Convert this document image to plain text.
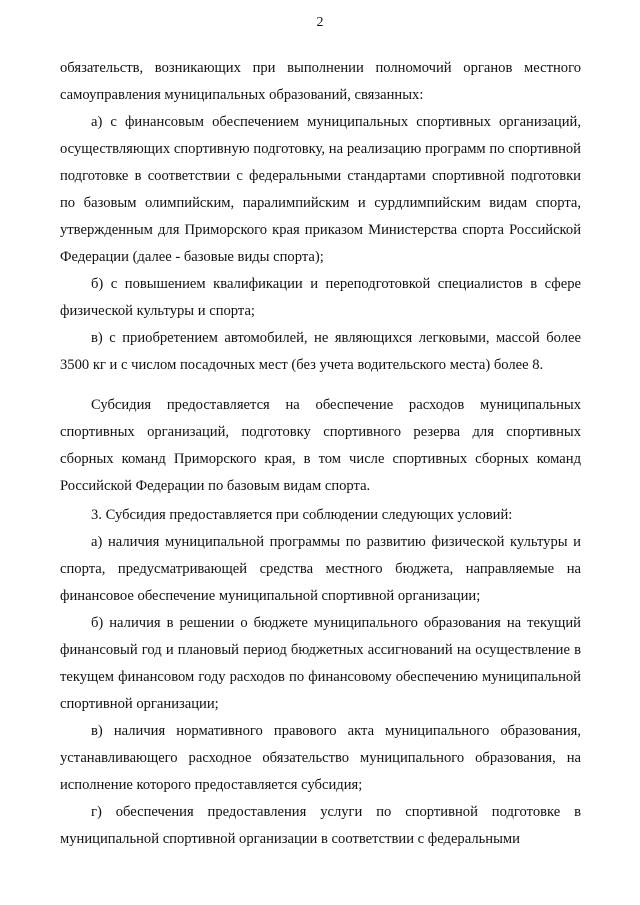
2

обязательств, возникающих при выполнении полномочий органов местного самоуправления муниципальных образований, связанных:

а) с финансовым обеспечением муниципальных спортивных организаций, осуществляющих спортивную подготовку, на реализацию программ по спортивной подготовке в соответствии с федеральными стандартами спортивной подготовки по базовым олимпийским, паралимпийским и сурдлимпийским видам спорта, утвержденным для Приморского края приказом Министерства спорта Российской Федерации (далее - базовые виды спорта);

б) с повышением квалификации и переподготовкой специалистов в сфере физической культуры и спорта;

в) с приобретением автомобилей, не являющихся легковыми, массой более 3500 кг и с числом посадочных мест (без учета водительского места) более 8.

Субсидия предоставляется на обеспечение расходов муниципальных спортивных организаций, подготовку спортивного резерва для спортивных сборных команд Приморского края, в том числе спортивных сборных команд Российской Федерации по базовым видам спорта.

3. Субсидия предоставляется при соблюдении следующих условий:

а) наличия муниципальной программы по развитию физической культуры и спорта, предусматривающей средства местного бюджета, направляемые на финансовое обеспечение муниципальной спортивной организации;

б) наличия в решении о бюджете муниципального образования на текущий финансовый год и плановый период бюджетных ассигнований на осуществление в текущем финансовом году расходов по финансовому обеспечению муниципальной спортивной организации;

в) наличия нормативного правового акта муниципального образования, устанавливающего расходное обязательство муниципального образования, на исполнение которого предоставляется субсидия;

г) обеспечения предоставления услуги по спортивной подготовке в муниципальной спортивной организации в соответствии с федеральными
